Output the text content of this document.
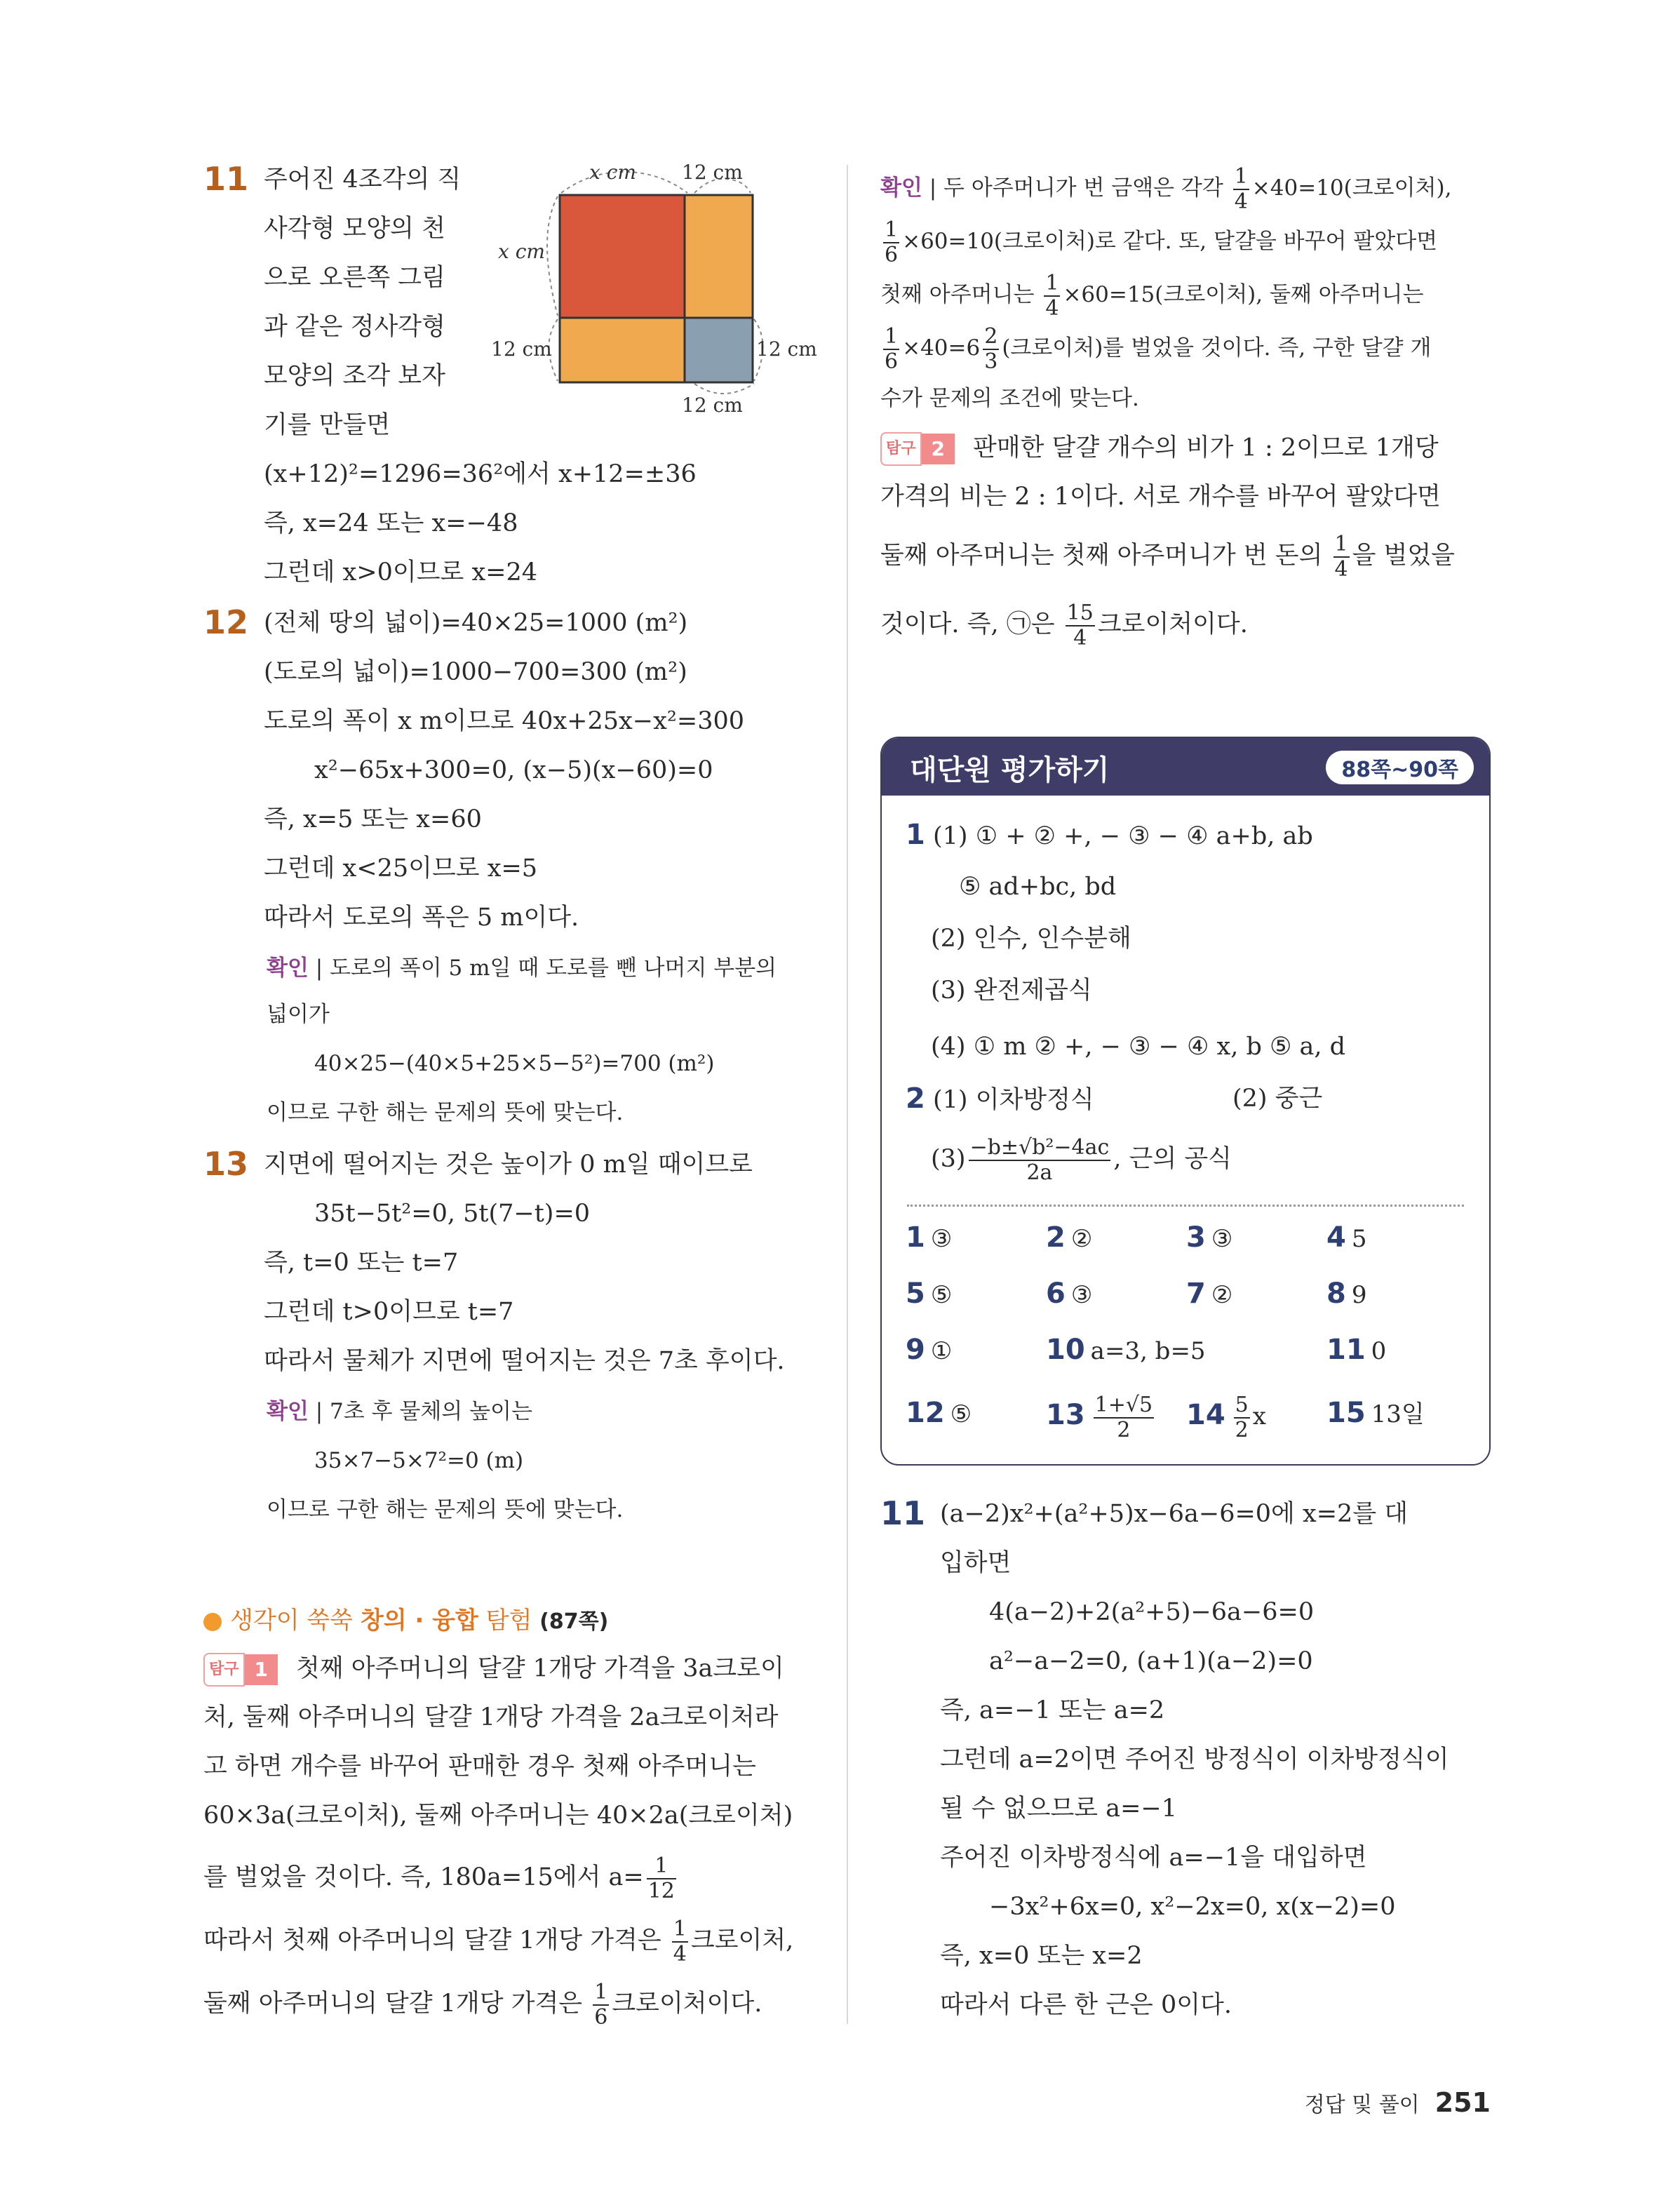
11 주어진 4조각의 직
사각형 모양의 천
으로 오른쪽 그림
과 같은 정사각형
모양의 조각 보자
기를 만들면
x cm 12 cm
x cm
12 cm	12 cm
12 cm
(x+12)²=1296=36²에서 x+12=±36
즉, x=24 또는 x=−48
그런데 x>0이므로 x=24
12 (전체 땅의 넓이)=40×25=1000 (m²)
(도로의 넓이)=1000−700=300 (m²)
도로의 폭이 x m이므로 40x+25x−x²=300
x²−65x+300=0, (x−5)(x−60)=0
즉, x=5 또는 x=60
그런데 x<25이므로 x=5
따라서 도로의 폭은 5 m이다.
확인 | 도로의 폭이 5 m일 때 도로를 뺀 나머지 부분의
넓이가
40×25−(40×5+25×5−5²)=700 (m²)
이므로 구한 해는 문제의 뜻에 맞는다.
13 지면에 떨어지는 것은 높이가 0 m일 때이므로
35t−5t²=0, 5t(7−t)=0
즉, t=0 또는 t=7
그런데 t>0이므로 t=7
따라서 물체가 지면에 떨어지는 것은 7초 후이다.
확인 | 7초 후 물체의 높이는
35×7−5×7²=0 (m)
이므로 구한 해는 문제의 뜻에 맞는다.
생각이 쑥쑥 창의 · 융합 탐험 (87쪽)
탐구 1 첫째 아주머니의 달걀 1개당 가격을 3a크로이
처, 둘째 아주머니의 달걀 1개당 가격을 2a크로이처라
고 하면 개수를 바꾸어 판매한 경우 첫째 아주머니는
60×3a(크로이처), 둘째 아주머니는 40×2a(크로이처)
를 벌었을 것이다. 즉, 180a=15에서 $a= \frac{1}{12}$
따라서 첫째 아주머니의 달걀 1개당 가격은 $\frac{1}{4}$ 크로이처,
둘째 아주머니의 달걀 1개당 가격은 $\frac{1}{6}$ 크로이처이다.
확인 | 두 아주머니가 번 금액은 각각 $\frac{1}{4} \times 40=10$(크로이처),
$\frac{1}{6} \times 60=10$(크로이처)로 같다. 또, 달걀을 바꾸어 팔았다면
첫째 아주머니는 $\frac{1}{4} \times 60=15$(크로이처), 둘째 아주머니는
$\frac{1}{6} \times 40=6 \frac{2}{3}$ (크로이처)를 벌었을 것이다. 즉, 구한 달걀 개
수가 문제의 조건에 맞는다.
탐구 2 판매한 달걀 개수의 비가 1 : 2이므로 1개당
가격의 비는 2 : 1이다. 서로 개수를 바꾸어 팔았다면
둘째 아주머니는 첫째 아주머니가 번 돈의 $\frac{1}{4}$ 을 벌었을
것이다. 즉, ㉠은 $\frac{15}{4}$ 크로이처이다.
대단원 평가하기	88쪽~90쪽
1 (1) ① + ② +, − ③ − ④ a+b, ab
⑤ ad+bc, bd
(2) 인수, 인수분해
(3) 완전제곱식
(4) ① m ② +, − ③ − ④ x, b ⑤ a, d
2 (1) 이차방정식	(2) 중근
$(3) \frac{\text{−b±√b²−4ac}}{2a}$ , 근의 공식
1 ③	2 ②	3 ③	4 5
5 ⑤	6 ③	7 ②	8 9
9 ①	10 a=3, b=5	11 0
12 ⑤	$13 \frac{1+√5}{2} 14 \frac{5}{2}$ x 15 13일
11 (a−2)x²+(a²+5)x−6a−6=0에 x=2를 대
입하면
4(a−2)+2(a²+5)−6a−6=0
a²−a−2=0, (a+1)(a−2)=0
즉, a=−1 또는 a=2
그런데 a=2이면 주어진 방정식이 이차방정식이
될 수 없으므로 a=−1
주어진 이차방정식에 a=−1을 대입하면
−3x²+6x=0, x²−2x=0, x(x−2)=0
즉, x=0 또는 x=2
따라서 다른 한 근은 0이다.
정답 및 풀이 251
